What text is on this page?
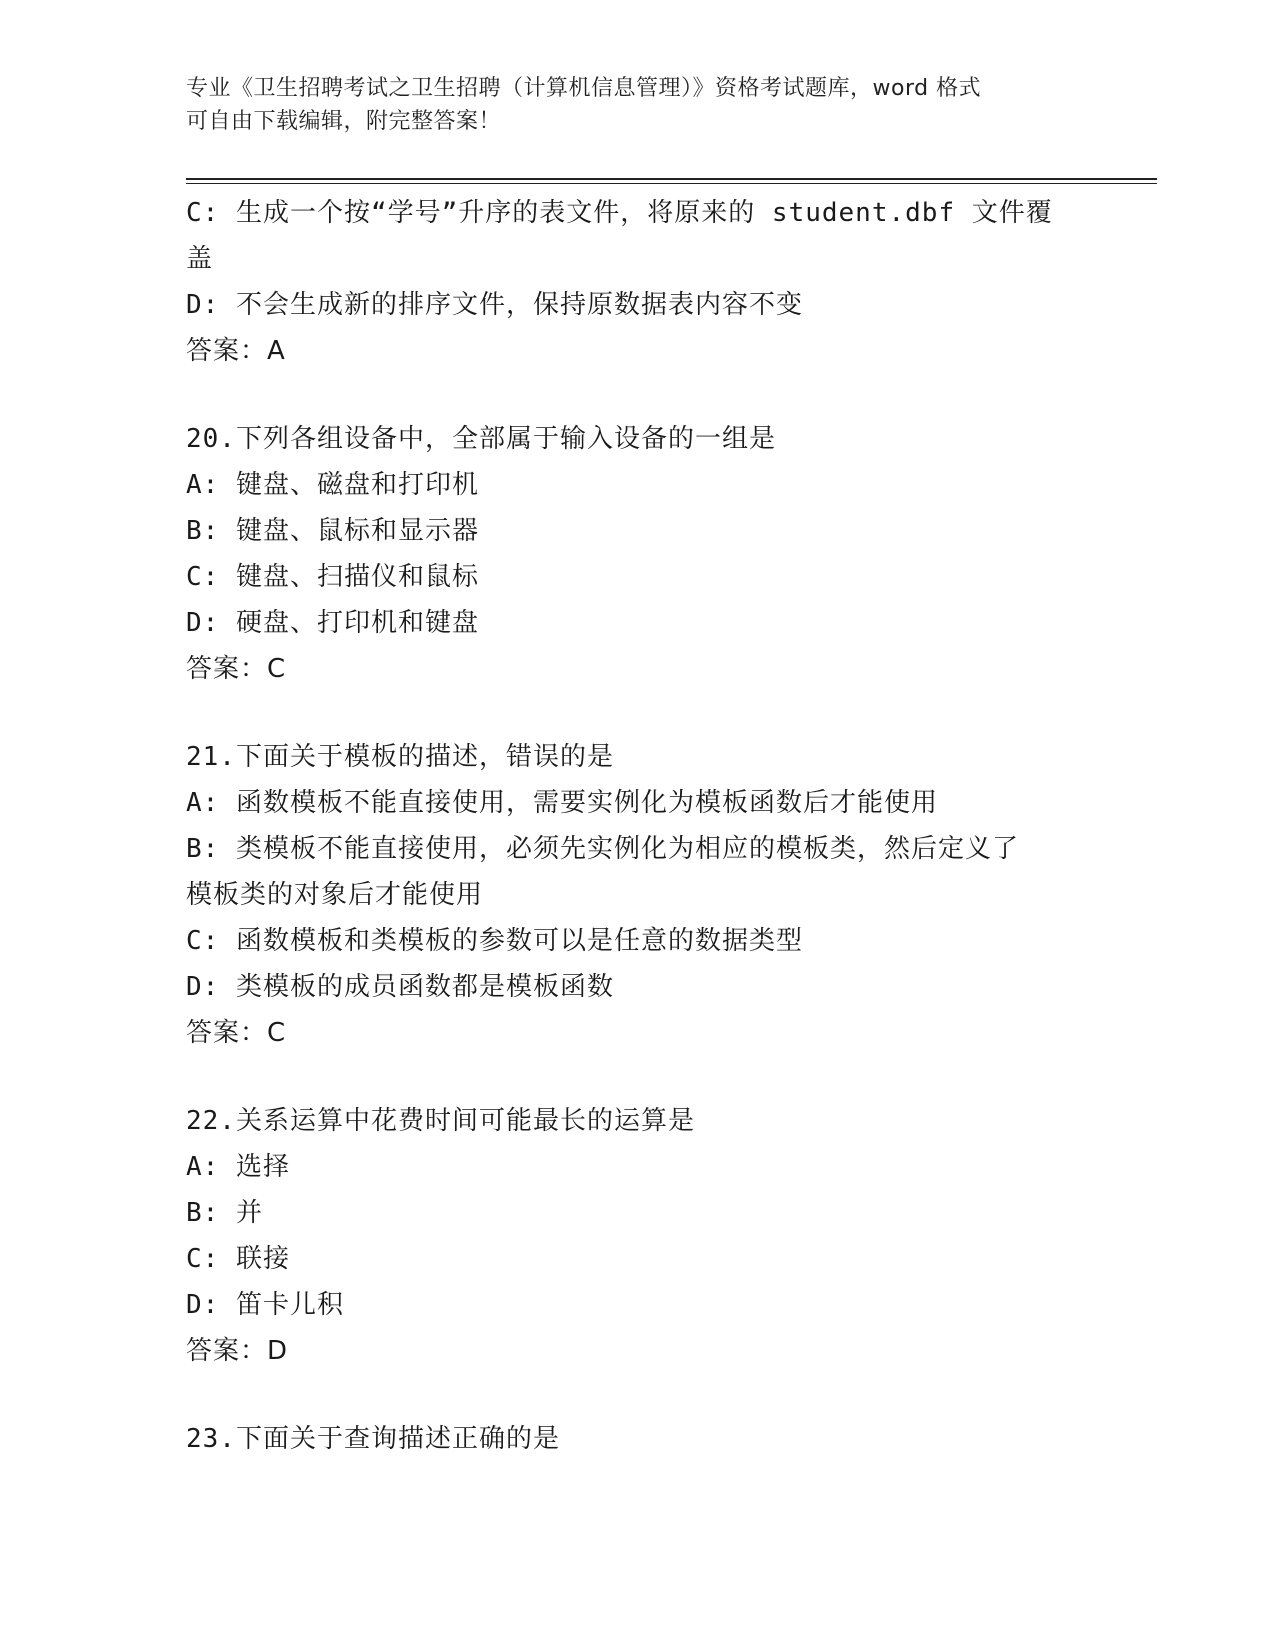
专业《卫生招聘考试之卫生招聘（计算机信息管理）》资格考试题库，word 格式
可自由下载编辑，附完整答案！
C: 生成一个按“学号”升序的表文件，将原来的 student.dbf 文件覆
盖
D: 不会生成新的排序文件，保持原数据表内容不变
答案：A
20.下列各组设备中，全部属于输入设备的一组是
A: 键盘、磁盘和打印机
B: 键盘、鼠标和显示器
C: 键盘、扫描仪和鼠标
D: 硬盘、打印机和键盘
答案：C
21.下面关于模板的描述，错误的是
A: 函数模板不能直接使用，需要实例化为模板函数后才能使用
B: 类模板不能直接使用，必须先实例化为相应的模板类，然后定义了
模板类的对象后才能使用
C: 函数模板和类模板的参数可以是任意的数据类型
D: 类模板的成员函数都是模板函数
答案：C
22.关系运算中花费时间可能最长的运算是
A: 选择
B: 并
C: 联接
D: 笛卡儿积
答案：D
23.下面关于查询描述正确的是
